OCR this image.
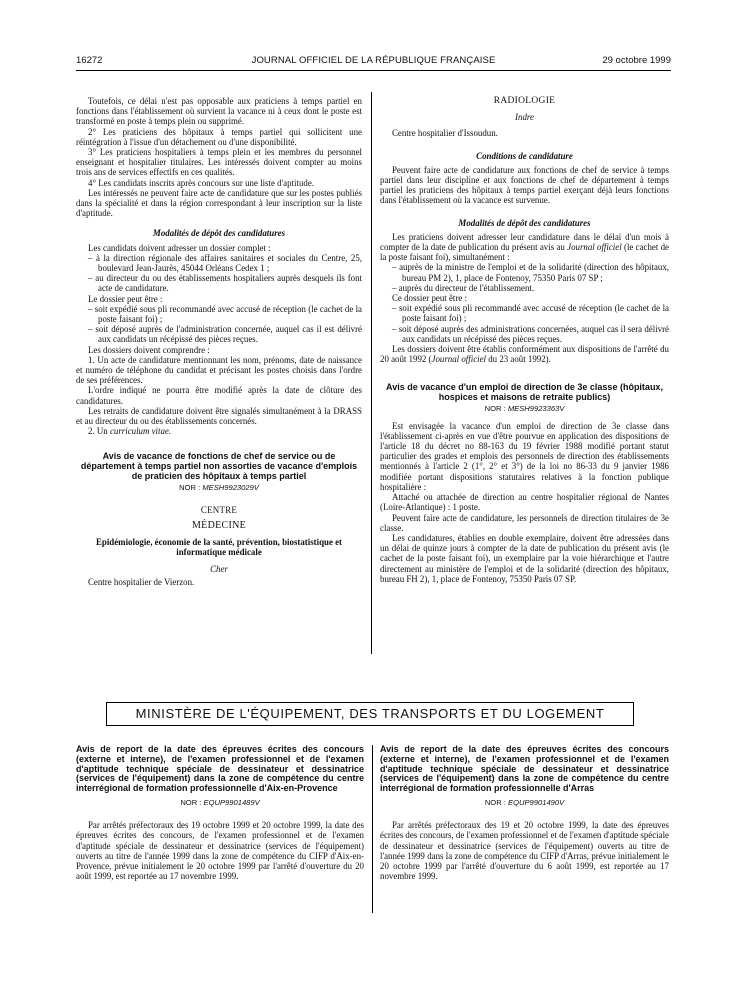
16272	JOURNAL OFFICIEL DE LA RÉPUBLIQUE FRANÇAISE	29 octobre 1999

Toutefois, ce délai n'est pas opposable aux praticiens à temps partiel en fonctions dans l'établissement où survient la vacance ni à ceux dont le poste est transformé en poste à temps plein ou supprimé.

2° Les praticiens des hôpitaux à temps partiel qui sollicitent une réintégration à l'issue d'un détachement ou d'une disponibilité.

3° Les praticiens hospitaliers à temps plein et les membres du personnel enseignant et hospitalier titulaires. Les intéressés doivent compter au moins trois ans de services effectifs en ces qualités.

4° Les candidats inscrits après concours sur une liste d'aptitude.

Les intéressés ne peuvent faire acte de candidature que sur les postes publiés dans la spécialité et dans la région correspondant à leur inscription sur la liste d'aptitude.

Modalités de dépôt des candidatures

Les candidats doivent adresser un dossier complet :

– à la direction régionale des affaires sanitaires et sociales du Centre, 25, boulevard Jean-Jaurès, 45044 Orléans Cedex 1 ;

– au directeur du ou des établissements hospitaliers auprès desquels ils font acte de candidature.

Le dossier peut être :

– soit expédié sous pli recommandé avec accusé de réception (le cachet de la poste faisant foi) ;

– soit déposé auprès de l'administration concernée, auquel cas il est délivré aux candidats un récépissé des pièces reçues.

Les dossiers doivent comprendre :

1. Un acte de candidature mentionnant les nom, prénoms, date de naissance et numéro de téléphone du candidat et précisant les postes choisis dans l'ordre de ses préférences.

L'ordre indiqué ne pourra être modifié après la date de clôture des candidatures.

Les retraits de candidature doivent être signalés simultanément à la DRASS et au directeur du ou des établissements concernés.

2. Un curriculum vitae.

Avis de vacance de fonctions de chef de service ou de département à temps partiel non assorties de vacance d'emplois de praticien des hôpitaux à temps partiel

NOR : MESH9923029V

CENTRE

MÉDECINE

Epidémiologie, économie de la santé, prévention, biostatistique et informatique médicale

Cher

Centre hospitalier de Vierzon.

RADIOLOGIE

Indre

Centre hospitalier d'Issoudun.

Conditions de candidature

Peuvent faire acte de candidature aux fonctions de chef de service à temps partiel dans leur discipline et aux fonctions de chef de département à temps partiel les praticiens des hôpitaux à temps partiel exerçant déjà leurs fonctions dans l'établissement où la vacance est survenue.

Modalités de dépôt des candidatures

Les praticiens doivent adresser leur candidature dans le délai d'un mois à compter de la date de publication du présent avis au Journal officiel (le cachet de la poste faisant foi), simultanément :

– auprès de la ministre de l'emploi et de la solidarité (direction des hôpitaux, bureau PM 2), 1, place de Fontenoy, 75350 Paris 07 SP ;

– auprès du directeur de l'établissement.

Ce dossier peut être :

– soit expédié sous pli recommandé avec accusé de réception (le cachet de la poste faisant foi) ;

– soit déposé auprès des administrations concernées, auquel cas il sera délivré aux candidats un récépissé des pièces reçues.

Les dossiers doivent être établis conformément aux dispositions de l'arrêté du 20 août 1992 (Journal officiel du 23 août 1992).

Avis de vacance d'un emploi de direction de 3e classe (hôpitaux, hospices et maisons de retraite publics)

NOR : MESH9923363V

Est envisagée la vacance d'un emploi de direction de 3e classe dans l'établissement ci-après en vue d'être pourvue en application des dispositions de l'article 18 du décret no 88-163 du 19 février 1988 modifié portant statut particulier des grades et emplois des personnels de direction des établissements mentionnés à l'article 2 (1°, 2° et 3°) de la loi no 86-33 du 9 janvier 1986 modifiée portant dispositions statutaires relatives à la fonction publique hospitalière :

Attaché ou attachée de direction au centre hospitalier régional de Nantes (Loire-Atlantique) : 1 poste.

Peuvent faire acte de candidature, les personnels de direction titulaires de 3e classe.

Les candidatures, établies en double exemplaire, doivent être adressées dans un délai de quinze jours à compter de la date de publication du présent avis (le cachet de la poste faisant foi), un exemplaire par la voie hiérarchique et l'autre directement au ministère de l'emploi et de la solidarité (direction des hôpitaux, bureau FH 2), 1, place de Fontenoy, 75350 Paris 07 SP.

MINISTÈRE DE L'ÉQUIPEMENT, DES TRANSPORTS ET DU LOGEMENT

Avis de report de la date des épreuves écrites des concours (externe et interne), de l'examen professionnel et de l'examen d'aptitude technique spéciale de dessinateur et dessinatrice (services de l'équipement) dans la zone de compétence du centre interrégional de formation professionnelle d'Aix-en-Provence

NOR : EQUP9901489V

Par arrêtés préfectoraux des 19 octobre 1999 et 20 octobre 1999, la date des épreuves écrites des concours, de l'examen professionnel et de l'examen d'aptitude spéciale de dessinateur et dessinatrice (services de l'équipement) ouverts au titre de l'année 1999 dans la zone de compétence du CIFP d'Aix-en-Provence, prévue initialement le 20 octobre 1999 par l'arrêté d'ouverture du 20 août 1999, est reportée au 17 novembre 1999.

Avis de report de la date des épreuves écrites des concours (externe et interne), de l'examen professionnel et de l'examen d'aptitude technique spéciale de dessinateur et dessinatrice (services de l'équipement) dans la zone de compétence du centre interrégional de formation professionnelle d'Arras

NOR : EQUP9901490V

Par arrêtés préfectoraux des 19 et 20 octobre 1999, la date des épreuves écrites des concours, de l'examen professionnel et de l'examen d'aptitude spéciale de dessinateur et dessinatrice (services de l'équipement) ouverts au titre de l'année 1999 dans la zone de compétence du CIFP d'Arras, prévue initialement le 20 octobre 1999 par l'arrêté d'ouverture du 6 août 1999, est reportée au 17 novembre 1999.
